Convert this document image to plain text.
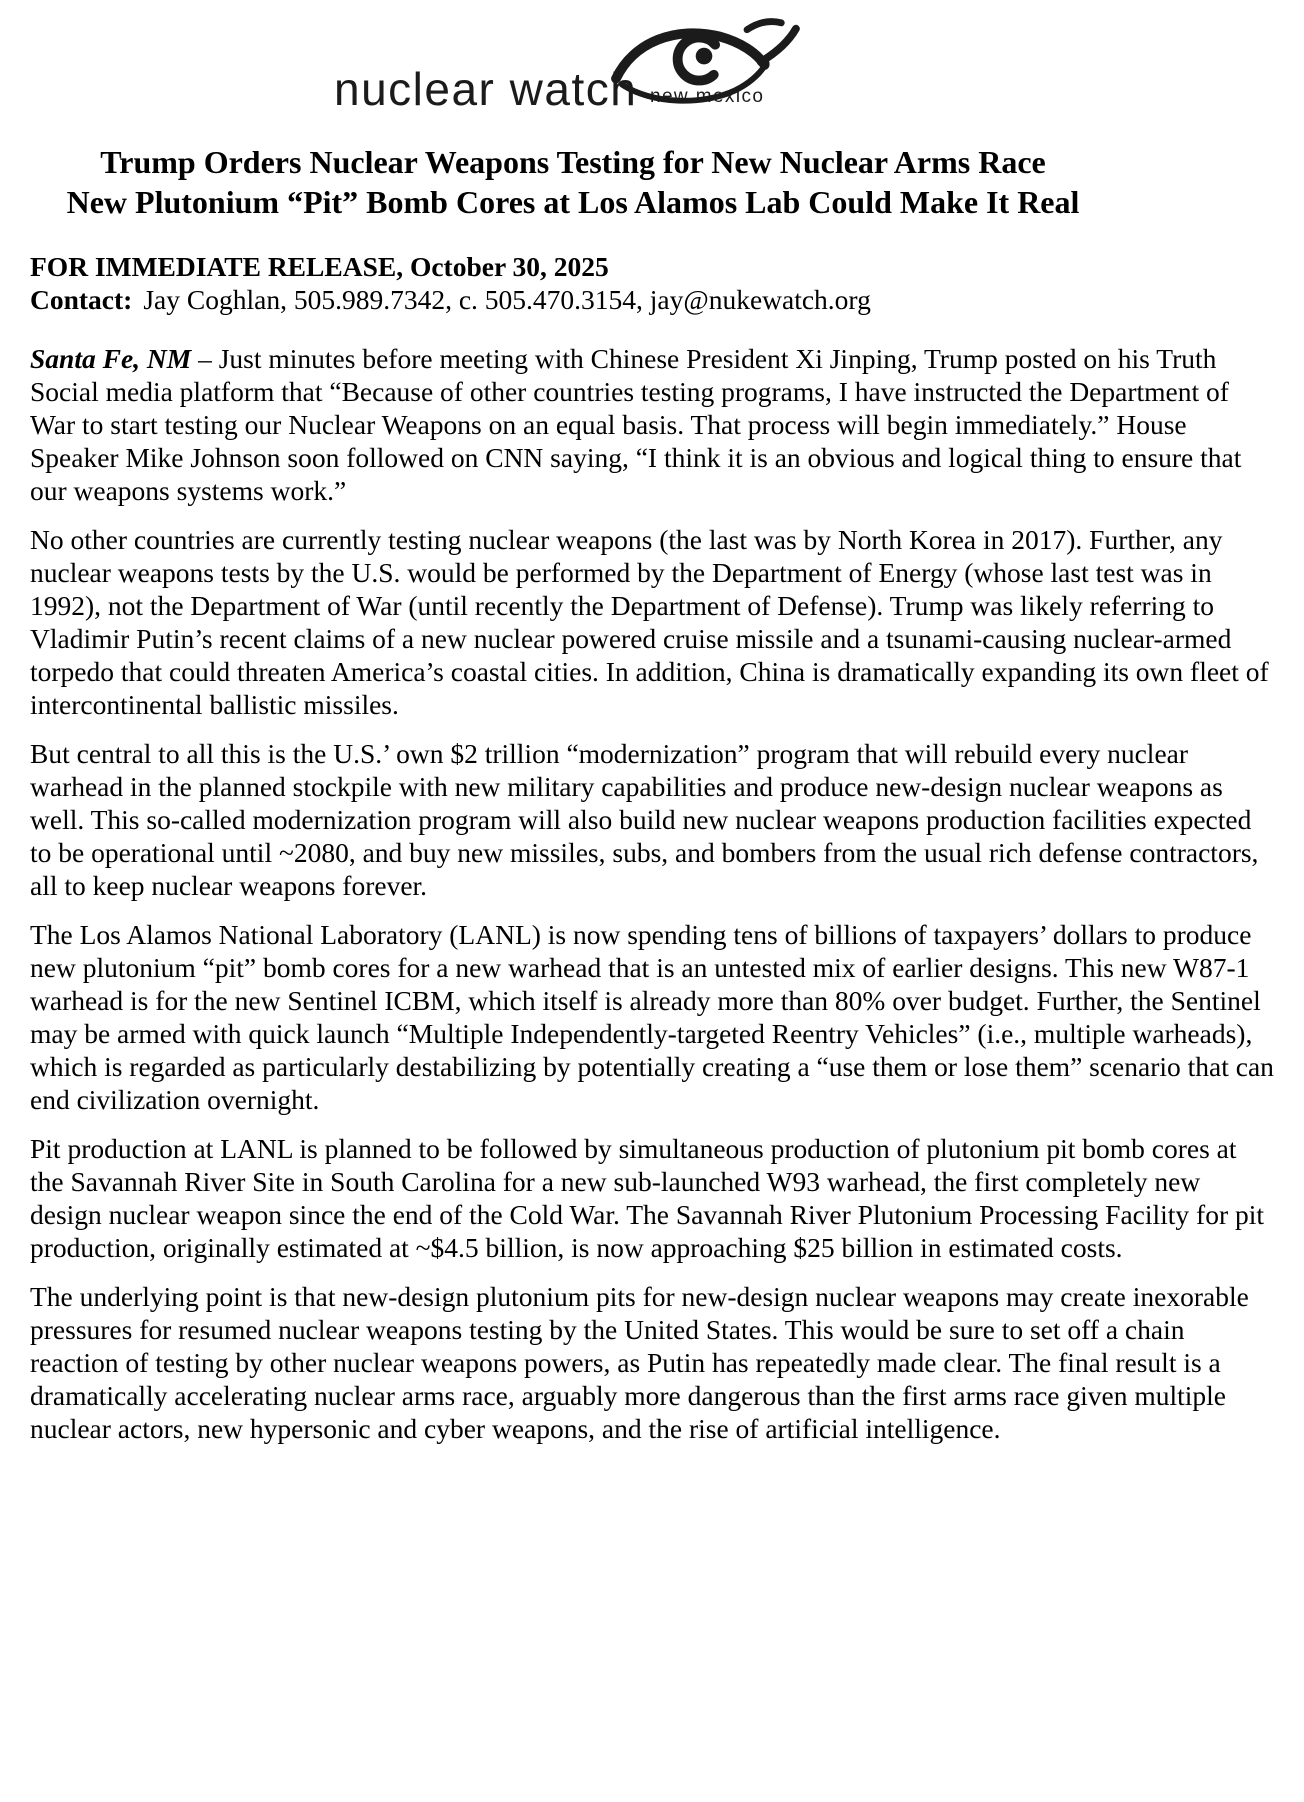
nuclear watch new mexico
Trump Orders Nuclear Weapons Testing for New Nuclear Arms Race
New Plutonium “Pit” Bomb Cores at Los Alamos Lab Could Make It Real

FOR IMMEDIATE RELEASE, October 30, 2025

Contact: Jay Coghlan, 505.989.7342, c. 505.470.3154, jay@nukewatch.org

Santa Fe, NM – Just minutes before meeting with Chinese President Xi Jinping, Trump posted on his Truth Social media platform that “Because of other countries testing programs, I have instructed the Department of War to start testing our Nuclear Weapons on an equal basis. That process will begin immediately.” House Speaker Mike Johnson soon followed on CNN saying, “I think it is an obvious and logical thing to ensure that our weapons systems work.”

No other countries are currently testing nuclear weapons (the last was by North Korea in 2017). Further, any nuclear weapons tests by the U.S. would be performed by the Department of Energy (whose last test was in 1992), not the Department of War (until recently the Department of Defense). Trump was likely referring to Vladimir Putin’s recent claims of a new nuclear powered cruise missile and a tsunami-causing nuclear-armed torpedo that could threaten America’s coastal cities. In addition, China is dramatically expanding its own fleet of intercontinental ballistic missiles.

But central to all this is the U.S.’ own $2 trillion “modernization” program that will rebuild every nuclear warhead in the planned stockpile with new military capabilities and produce new-design nuclear weapons as well. This so-called modernization program will also build new nuclear weapons production facilities expected to be operational until ~2080, and buy new missiles, subs, and bombers from the usual rich defense contractors, all to keep nuclear weapons forever.

The Los Alamos National Laboratory (LANL) is now spending tens of billions of taxpayers’ dollars to produce new plutonium “pit” bomb cores for a new warhead that is an untested mix of earlier designs. This new W87-1 warhead is for the new Sentinel ICBM, which itself is already more than 80% over budget. Further, the Sentinel may be armed with quick launch “Multiple Independently-targeted Reentry Vehicles” (i.e., multiple warheads), which is regarded as particularly destabilizing by potentially creating a “use them or lose them” scenario that can end civilization overnight.

Pit production at LANL is planned to be followed by simultaneous production of plutonium pit bomb cores at the Savannah River Site in South Carolina for a new sub-launched W93 warhead, the first completely new design nuclear weapon since the end of the Cold War. The Savannah River Plutonium Processing Facility for pit production, originally estimated at ~$4.5 billion, is now approaching $25 billion in estimated costs.

The underlying point is that new-design plutonium pits for new-design nuclear weapons may create inexorable pressures for resumed nuclear weapons testing by the United States. This would be sure to set off a chain reaction of testing by other nuclear weapons powers, as Putin has repeatedly made clear. The final result is a dramatically accelerating nuclear arms race, arguably more dangerous than the first arms race given multiple nuclear actors, new hypersonic and cyber weapons, and the rise of artificial intelligence.
